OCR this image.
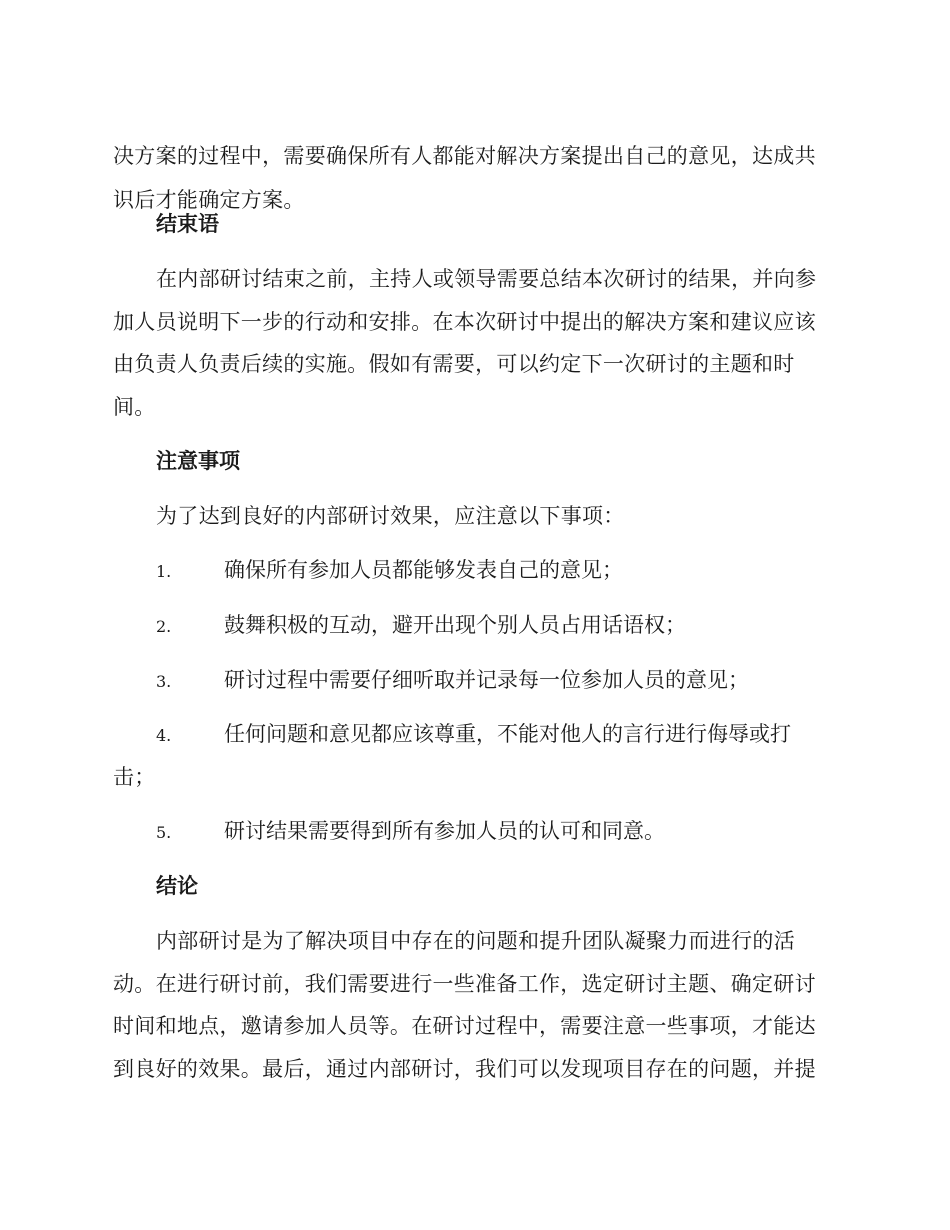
决方案的过程中，需要确保所有人都能对解决方案提出自己的意见，达成共

识后才能确定方案。

结束语

在内部研讨结束之前，主持人或领导需要总结本次研讨的结果，并向参

加人员说明下一步的行动和安排。在本次研讨中提出的解决方案和建议应该

由负责人负责后续的实施。假如有需要，可以约定下一次研讨的主题和时

间。

注意事项

为了达到良好的内部研讨效果，应注意以下事项：

1.	确保所有参加人员都能够发表自己的意见；
2.	鼓舞积极的互动，避开出现个别人员占用话语权；
3.	研讨过程中需要仔细听取并记录每一位参加人员的意见；
4.	任何问题和意见都应该尊重，不能对他人的言行进行侮辱或打

击；

5.	研讨结果需要得到所有参加人员的认可和同意。

结论

内部研讨是为了解决项目中存在的问题和提升团队凝聚力而进行的活

动。在进行研讨前，我们需要进行一些准备工作，选定研讨主题、确定研讨

时间和地点，邀请参加人员等。在研讨过程中，需要注意一些事项，才能达

到良好的效果。最后，通过内部研讨，我们可以发现项目存在的问题，并提
